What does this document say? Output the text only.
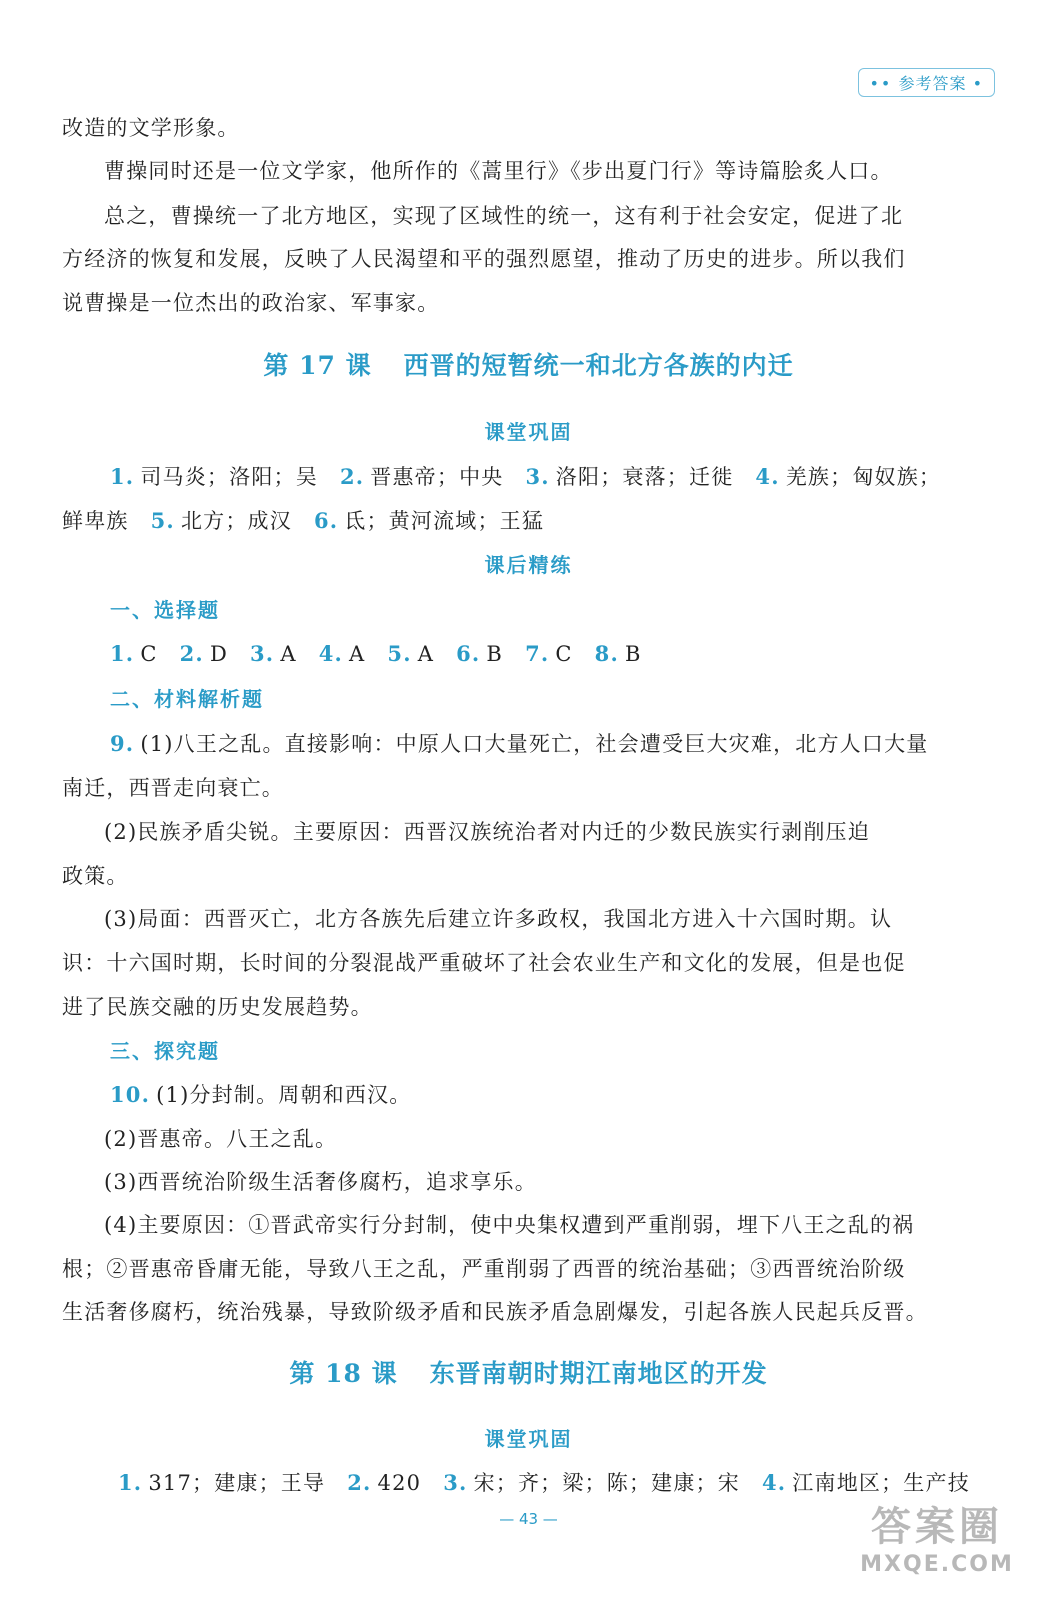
•• 参考答案 •
改造的文学形象。
曹操同时还是一位文学家，他所作的《蒿里行》《步出夏门行》等诗篇脍炙人口。
总之，曹操统一了北方地区，实现了区域性的统一，这有利于社会安定，促进了北
方经济的恢复和发展，反映了人民渴望和平的强烈愿望，推动了历史的进步。所以我们
说曹操是一位杰出的政治家、军事家。
第 17 课 西晋的短暂统一和北方各族的内迁
课堂巩固
1. 司马炎；洛阳；吴 2. 晋惠帝；中央 3. 洛阳；衰落；迁徙 4. 羌族；匈奴族；
鲜卑族 5. 北方；成汉 6. 氐；黄河流域；王猛
课后精练
一、选择题
1. C 2. D 3. A 4. A 5. A 6. B 7. C 8. B
二、材料解析题
9. (1)八王之乱。直接影响：中原人口大量死亡，社会遭受巨大灾难，北方人口大量
南迁，西晋走向衰亡。
(2)民族矛盾尖锐。主要原因：西晋汉族统治者对内迁的少数民族实行剥削压迫
政策。
(3)局面：西晋灭亡，北方各族先后建立许多政权，我国北方进入十六国时期。认
识：十六国时期，长时间的分裂混战严重破坏了社会农业生产和文化的发展，但是也促
进了民族交融的历史发展趋势。
三、探究题
10. (1)分封制。周朝和西汉。
(2)晋惠帝。八王之乱。
(3)西晋统治阶级生活奢侈腐朽，追求享乐。
(4)主要原因：①晋武帝实行分封制，使中央集权遭到严重削弱，埋下八王之乱的祸
根；②晋惠帝昏庸无能，导致八王之乱，严重削弱了西晋的统治基础；③西晋统治阶级
生活奢侈腐朽，统治残暴，导致阶级矛盾和民族矛盾急剧爆发，引起各族人民起兵反晋。
第 18 课 东晋南朝时期江南地区的开发
课堂巩固
1. 317；建康；王导 2. 420 3. 宋；齐；梁；陈；建康；宋 4. 江南地区；生产技
— 43 —	答案圈
MXQE.COM
